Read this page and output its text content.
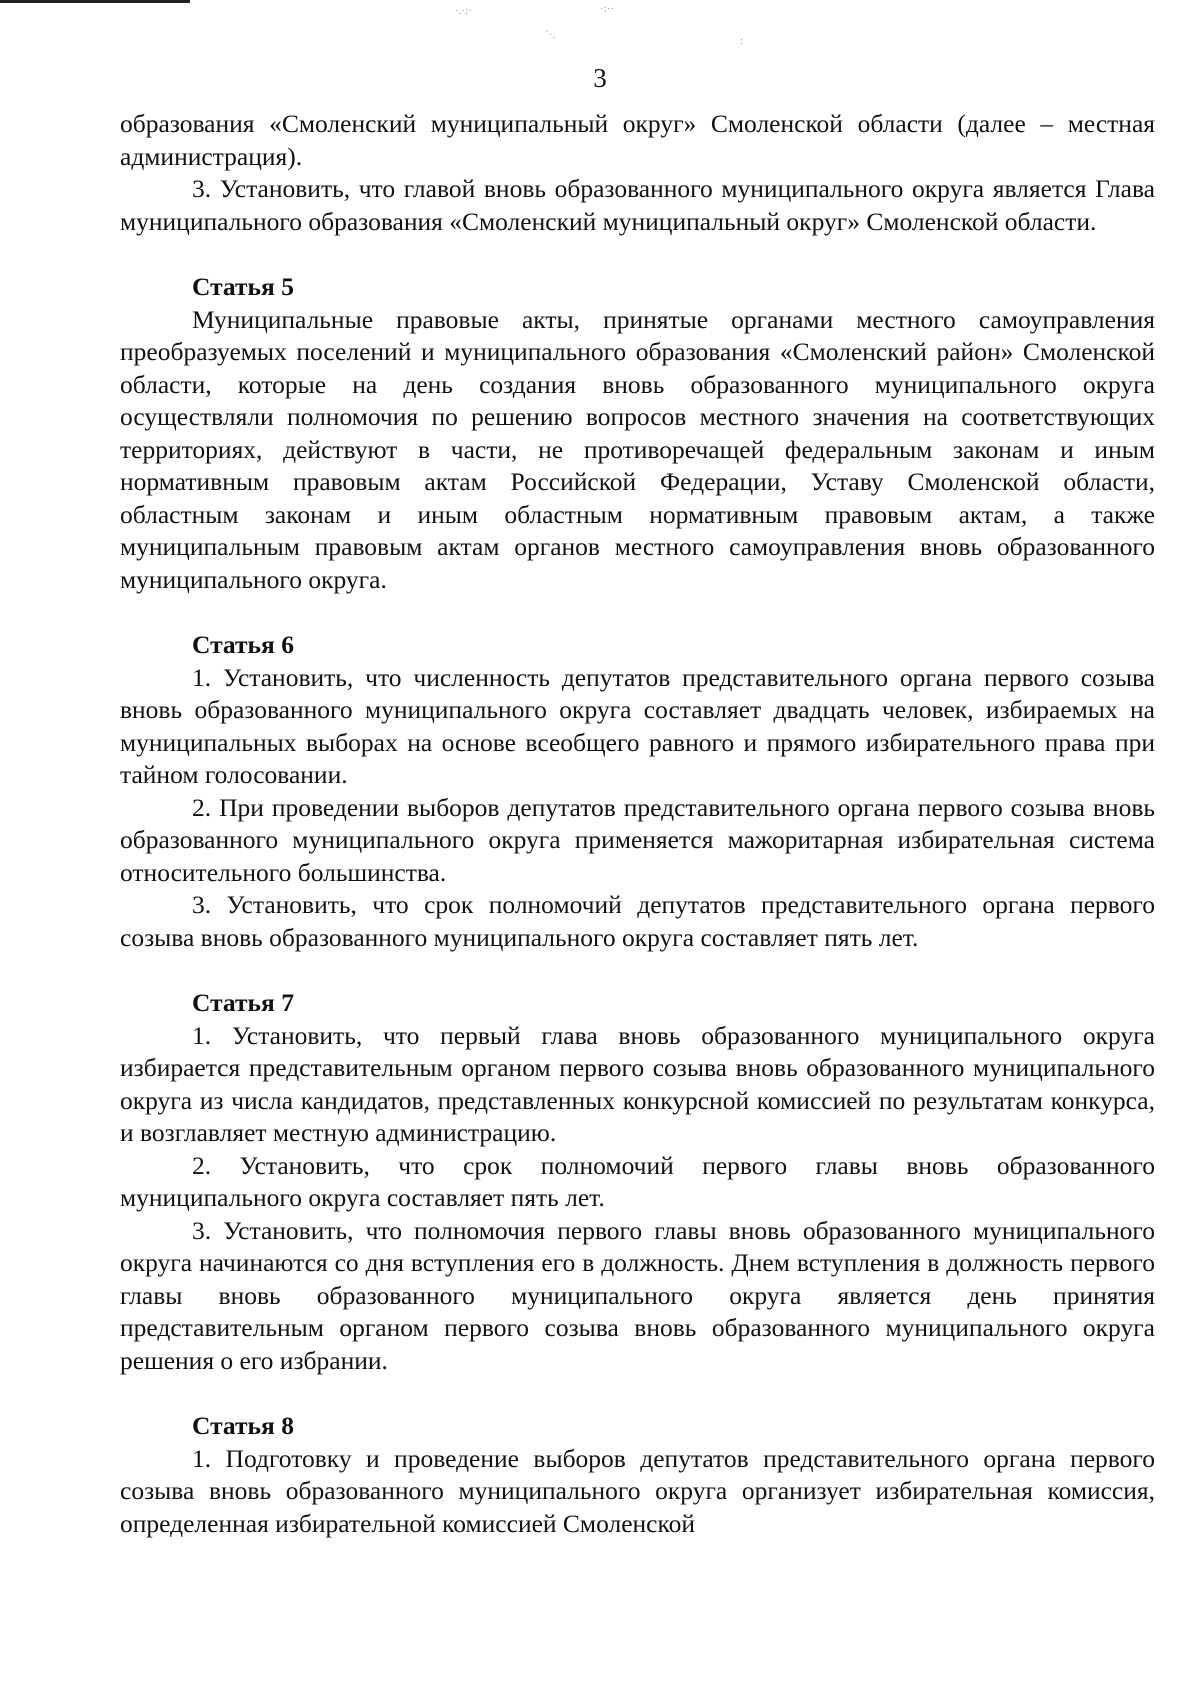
·.·:·	·:··
`·.	:
3

образования «Смоленский муниципальный округ» Смоленской области (далее – местная администрация).

3. Установить, что главой вновь образованного муниципального округа является Глава муниципального образования «Смоленский муниципальный округ» Смоленской области.

Статья 5

Муниципальные правовые акты, принятые органами местного самоуправления преобразуемых поселений и муниципального образования «Смоленский район» Смоленской области, которые на день создания вновь образованного муниципального округа осуществляли полномочия по решению вопросов местного значения на соответствующих территориях, действуют в части, не противоречащей федеральным законам и иным нормативным правовым актам Российской Федерации, Уставу Смоленской области, областным законам и иным областным нормативным правовым актам, а также муниципальным правовым актам органов местного самоуправления вновь образованного муниципального округа.

Статья 6

1. Установить, что численность депутатов представительного органа первого созыва вновь образованного муниципального округа составляет двадцать человек, избираемых на муниципальных выборах на основе всеобщего равного и прямого избирательного права при тайном голосовании.

2. При проведении выборов депутатов представительного органа первого созыва вновь образованного муниципального округа применяется мажоритарная избирательная система относительного большинства.

3. Установить, что срок полномочий депутатов представительного органа первого созыва вновь образованного муниципального округа составляет пять лет.

Статья 7

1. Установить, что первый глава вновь образованного муниципального округа избирается представительным органом первого созыва вновь образованного муниципального округа из числа кандидатов, представленных конкурсной комиссией по результатам конкурса, и возглавляет местную администрацию.

2. Установить, что срок полномочий первого главы вновь образованного муниципального округа составляет пять лет.

3. Установить, что полномочия первого главы вновь образованного муниципального округа начинаются со дня вступления его в должность. Днем вступления в должность первого главы вновь образованного муниципального округа является день принятия представительным органом первого созыва вновь образованного муниципального округа решения о его избрании.

Статья 8

1. Подготовку и проведение выборов депутатов представительного органа первого созыва вновь образованного муниципального округа организует избирательная комиссия, определенная избирательной комиссией Смоленской
